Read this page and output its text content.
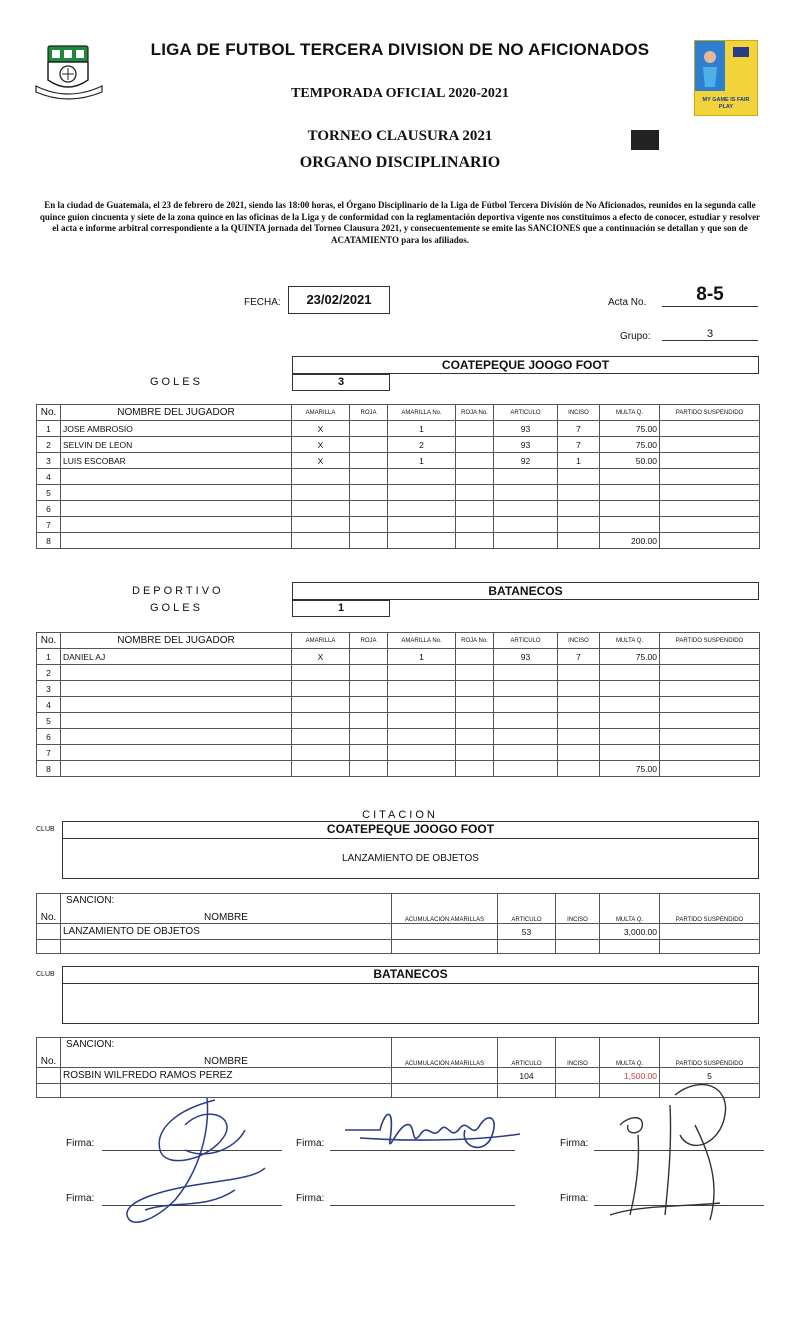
MY GAME IS FAIR PLAY
LIGA DE FUTBOL TERCERA DIVISION DE NO AFICIONADOS
TEMPORADA OFICIAL 2020-2021
TORNEO CLAUSURA 2021
ORGANO DISCIPLINARIO
En la ciudad de Guatemala, el 23 de febrero de 2021, siendo las 18:00 horas, el Órgano Disciplinario de la Liga de Fútbol Tercera División de No Aficionados, reunidos en la segunda calle quince guion cincuenta y siete de la zona quince en las oficinas de la Liga y de conformidad con la reglamentación deportiva vigente nos constituimos a efecto de conocer, estudiar y resolver el acta e informe arbitral correspondiente a la QUINTA jornada del Torneo Clausura 2021, y consecuentemente se emite las SANCIONES que a continuación se detallan y que son de ACATAMIENTO para los afiliados.
FECHA:	23/02/2021	Acta No.	8-5
Grupo:	3
COATEPEQUE JOOGO FOOT
GOLES	3
No.	NOMBRE DEL JUGADOR	AMARILLA	ROJA	AMARILLA No.	ROJA No.	ARTICULO	INCISO	MULTA Q.	PARTIDO SUSPENDIDO
1	JOSE AMBROSIO	X		1		93	7	75.00	
2	SELVIN DE LEON	X		2		93	7	75.00	
3	LUIS ESCOBAR	X		1		92	1	50.00	
4									
5									
6									
7									
8								200.00	
DEPORTIVO	BATANECOS
GOLES	1
No.	NOMBRE DEL JUGADOR	AMARILLA	ROJA	AMARILLA No.	ROJA No.	ARTICULO	INCISO	MULTA Q.	PARTIDO SUSPENDIDO
1	DANIEL AJ	X		1		93	7	75.00	
2									
3									
4									
5									
6									
7									
8								75.00	
CITACION
CLUB	COATEPEQUE JOOGO FOOT
LANZAMIENTO DE OBJETOS
SANCION:
No.	NOMBRE	ACUMULACION AMARILLAS	ARTICULO	INCISO	MULTA Q.	PARTIDO SUSPENDIDO
	LANZAMIENTO DE OBJETOS		53		3,000.00	

CLUB	BATANECOS
SANCION:
No.	NOMBRE	ACUMULACION AMARILLAS	ARTICULO	INCISO	MULTA Q.	PARTIDO SUSPENDIDO
	ROSBIN WILFREDO RAMOS PEREZ		104		1,500.00	5

Firma:	Firma:	Firma:
Firma:	Firma:	Firma:
